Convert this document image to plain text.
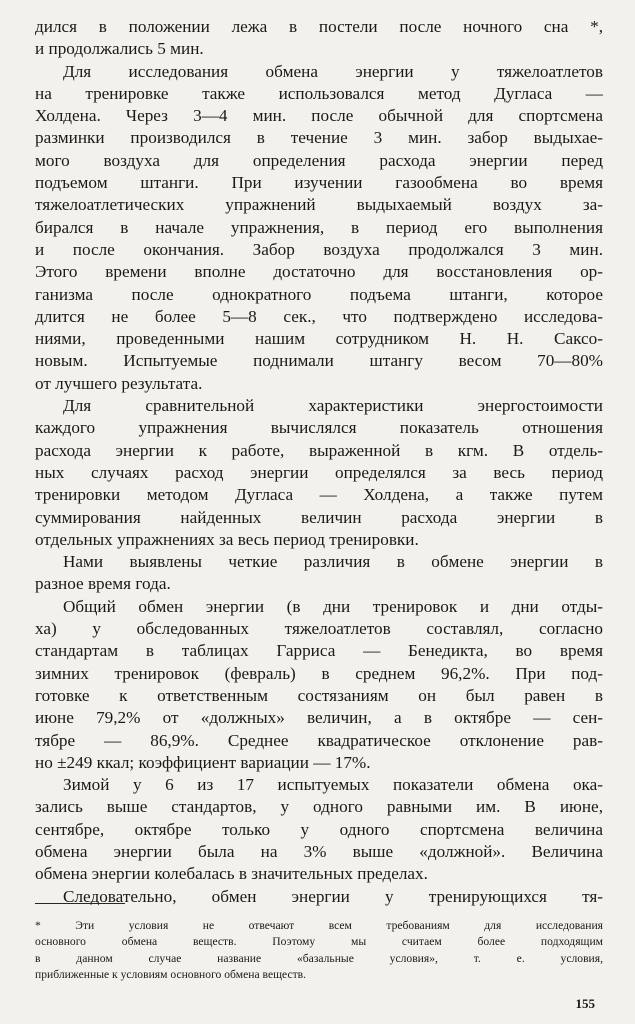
дился в положении лежа в постели после ночного сна *,
и продолжались 5 мин.
Для исследования обмена энергии у тяжелоатлетов
на тренировке также использовался метод Дугласа —
Холдена. Через 3—4 мин. после обычной для спортсмена
разминки производился в течение 3 мин. забор выдыхае-
мого воздуха для определения расхода энергии перед
подъемом штанги. При изучении газообмена во время
тяжелоатлетических упражнений выдыхаемый воздух за-
бирался в начале упражнения, в период его выполнения
и после окончания. Забор воздуха продолжался 3 мин.
Этого времени вполне достаточно для восстановления ор-
ганизма после однократного подъема штанги, которое
длится не более 5—8 сек., что подтверждено исследова-
ниями, проведенными нашим сотрудником Н. Н. Саксо-
новым. Испытуемые поднимали штангу весом 70—80%
от лучшего результата.
Для сравнительной характеристики энергостоимости
каждого упражнения вычислялся показатель отношения
расхода энергии к работе, выраженной в кгм. В отдель-
ных случаях расход энергии определялся за весь период
тренировки методом Дугласа — Холдена, а также путем
суммирования найденных величин расхода энергии в
отдельных упражнениях за весь период тренировки.
Нами выявлены четкие различия в обмене энергии в
разное время года.
Общий обмен энергии (в дни тренировок и дни отды-
ха) у обследованных тяжелоатлетов составлял, согласно
стандартам в таблицах Гарриса — Бенедикта, во время
зимних тренировок (февраль) в среднем 96,2%. При под-
готовке к ответственным состязаниям он был равен в
июне 79,2% от «должных» величин, а в октябре — сен-
тябре — 86,9%. Среднее квадратическое отклонение рав-
но ±249 ккал; коэффициент вариации — 17%.
Зимой у 6 из 17 испытуемых показатели обмена ока-
зались выше стандартов, у одного равными им. В июне,
сентябре, октябре только у одного спортсмена величина
обмена энергии была на 3% выше «должной». Величина
обмена энергии колебалась в значительных пределах.
Следовательно, обмен энергии у тренирующихся тя-
* Эти условия не отвечают всем требованиям для исследования
основного обмена веществ. Поэтому мы считаем более подходящим
в данном случае название «базальные условия», т. е. условия,
приближенные к условиям основного обмена веществ.
155
